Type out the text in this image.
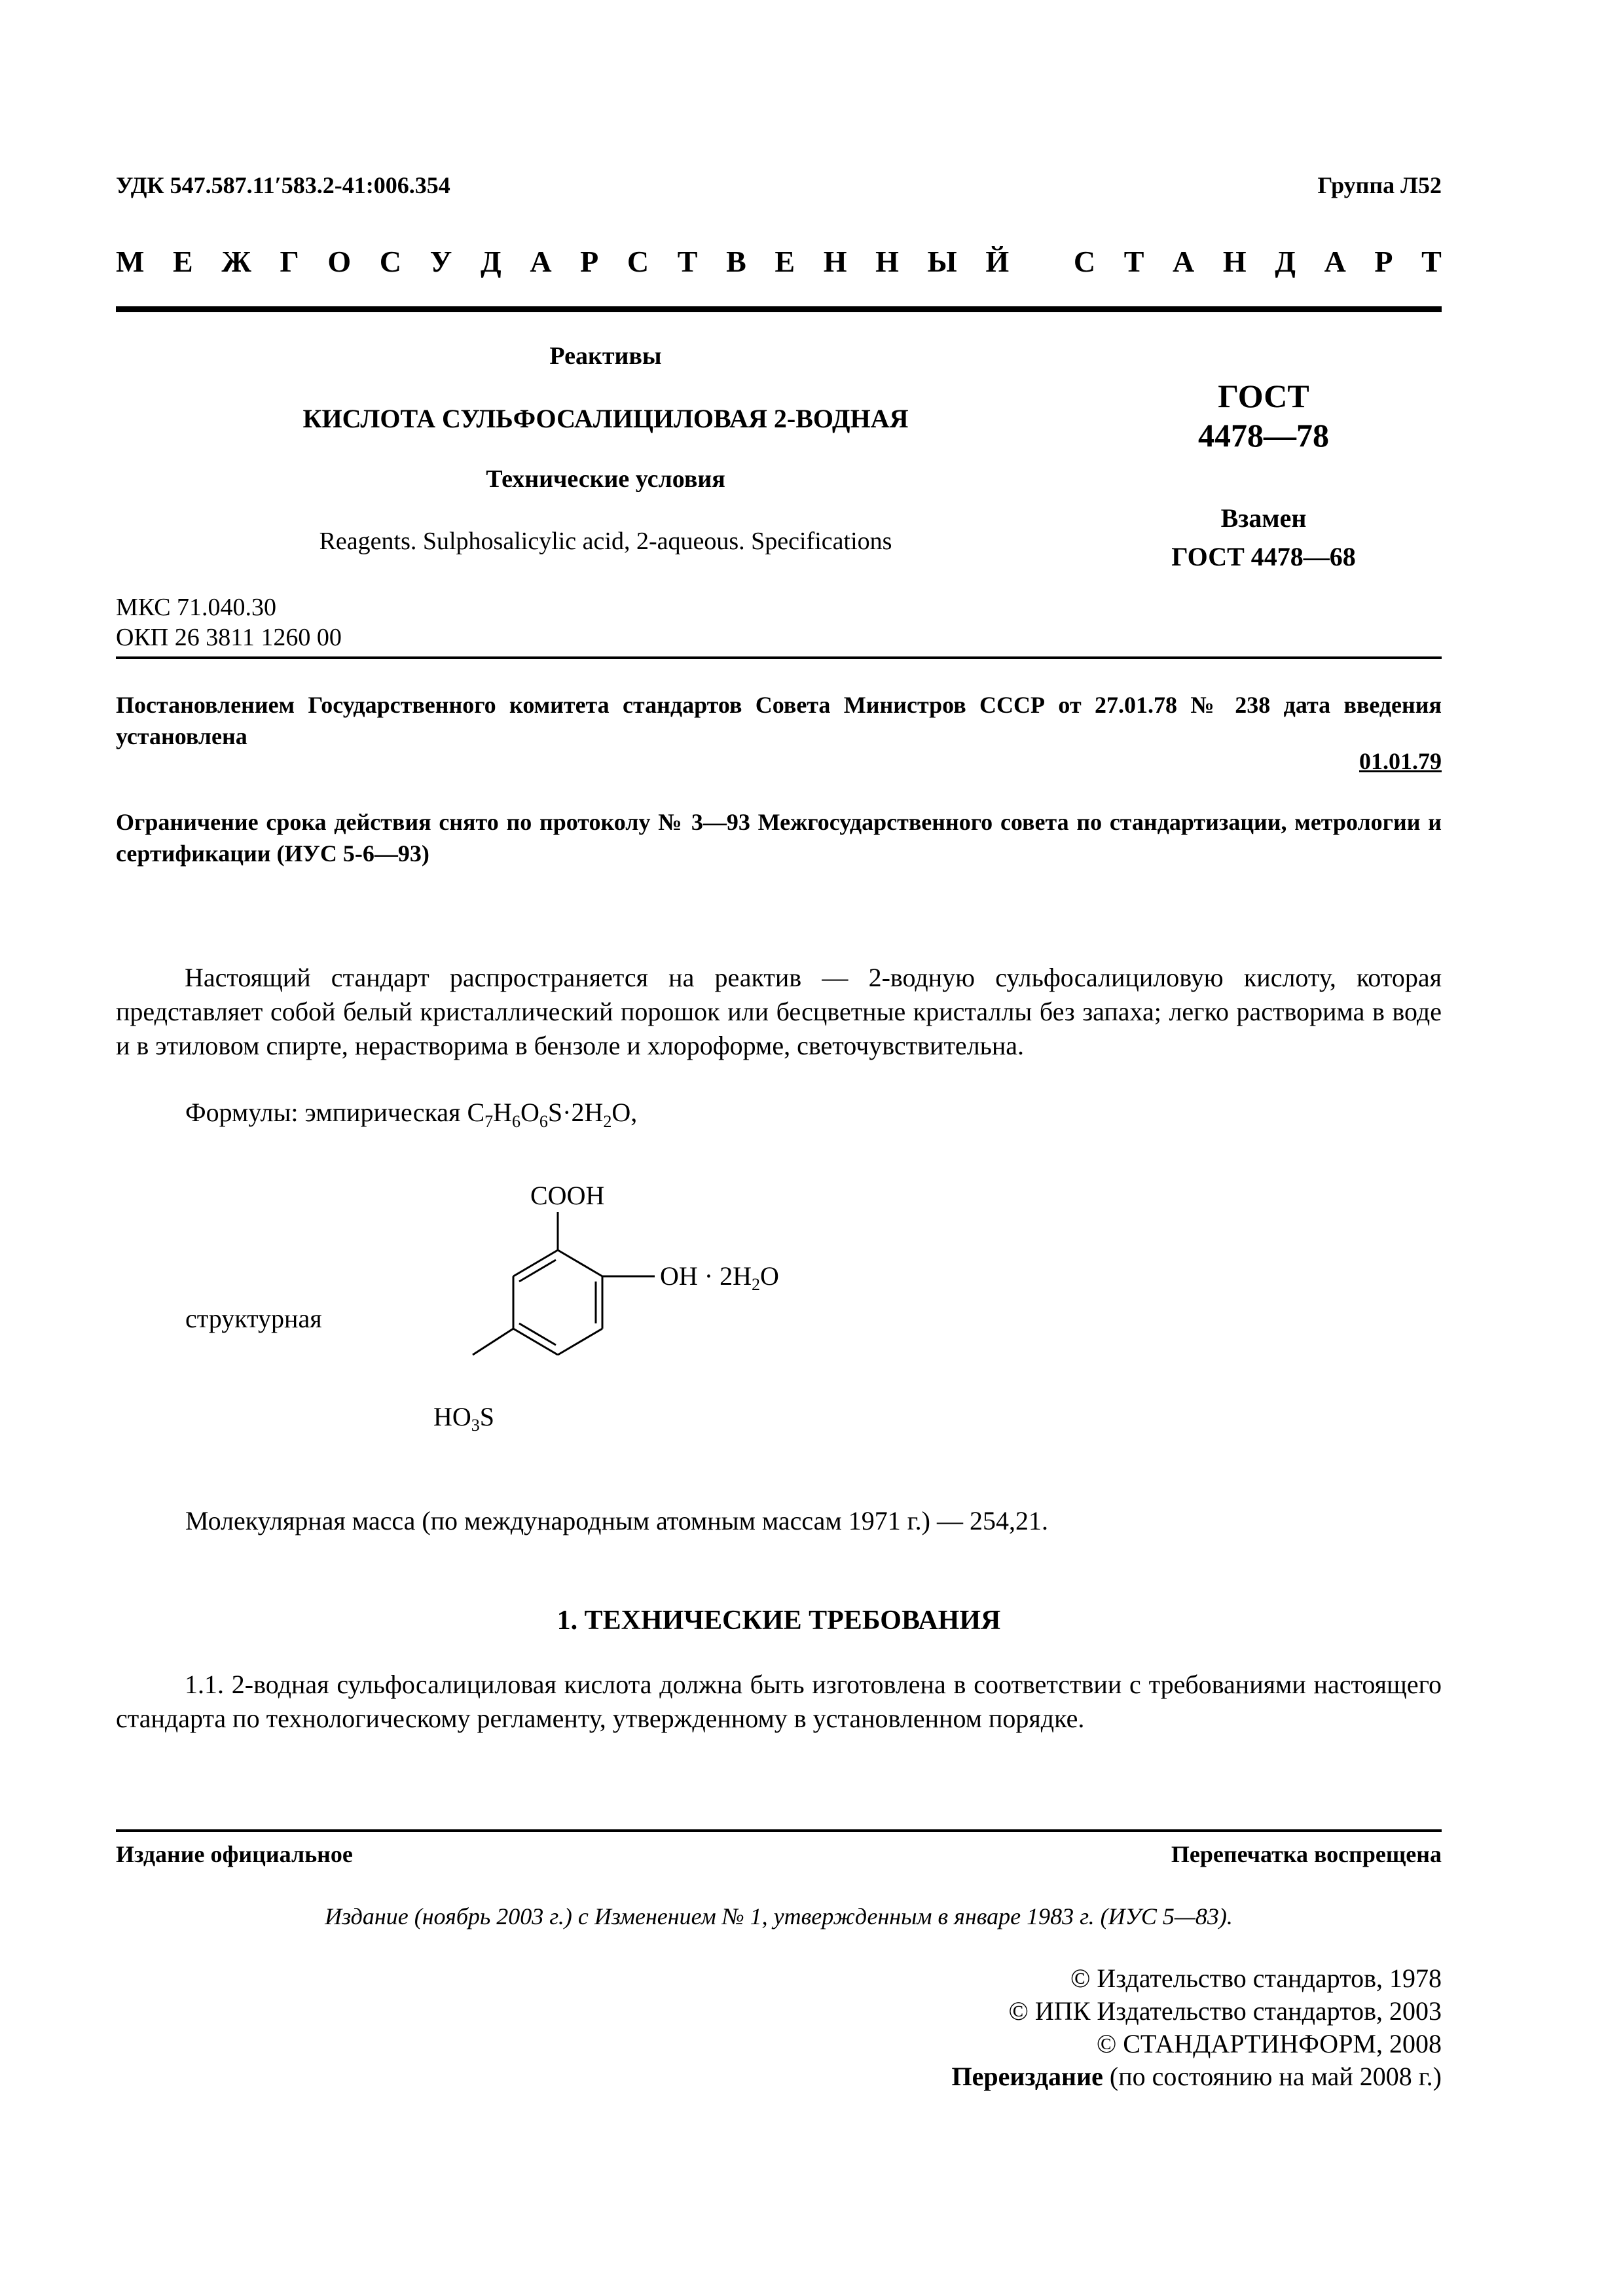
УДК 547.587.11′583.2-41:006.354	Группа Л52
М Е Ж Г О С У Д А Р С Т В Е Н Н Ы Й
С Т А Н Д А Р Т
Реактивы
КИСЛОТА СУЛЬФОСАЛИЦИЛОВАЯ 2-ВОДНАЯ
Технические условия
Reagents. Sulphosalicylic acid, 2-aqueous. Specifications
ГОСТ
4478—78
Взамен
ГОСТ 4478—68
МКС 71.040.30
ОКП 26 3811 1260 00
Постановлением Государственного комитета стандартов Совета Министров СССР от 27.01.78 № 238 дата введения установлена
01.01.79
Ограничение срока действия снято по протоколу № 3—93 Межгосударственного совета по стандартизации, метрологии и сертификации (ИУС 5-6—93)
Настоящий стандарт распространяется на реактив — 2-водную сульфосалициловую кислоту, которая представляет собой белый кристаллический порошок или бесцветные кристаллы без запаха; легко растворима в воде и в этиловом спирте, нерастворима в бензоле и хлороформе, светочувствительна.
Формулы: эмпирическая $C_7H_6O_6S\cdot 2H_2O$,
структурная
COOH
OH · $2H_2O$
$HO_3S$
Молекулярная масса (по международным атомным массам 1971 г.) — 254,21.
1. ТЕХНИЧЕСКИЕ ТРЕБОВАНИЯ
1.1. 2-водная сульфосалициловая кислота должна быть изготовлена в соответствии с требованиями настоящего стандарта по технологическому регламенту, утвержденному в установленном порядке.
Издание официальное	Перепечатка воспрещена
Издание (ноябрь 2003 г.) с Изменением № 1, утвержденным в январе 1983 г. (ИУС 5—83).
© Издательство стандартов, 1978
© ИПК Издательство стандартов, 2003
© СТАНДАРТИНФОРМ, 2008
Переиздание (по состоянию на май 2008 г.)
